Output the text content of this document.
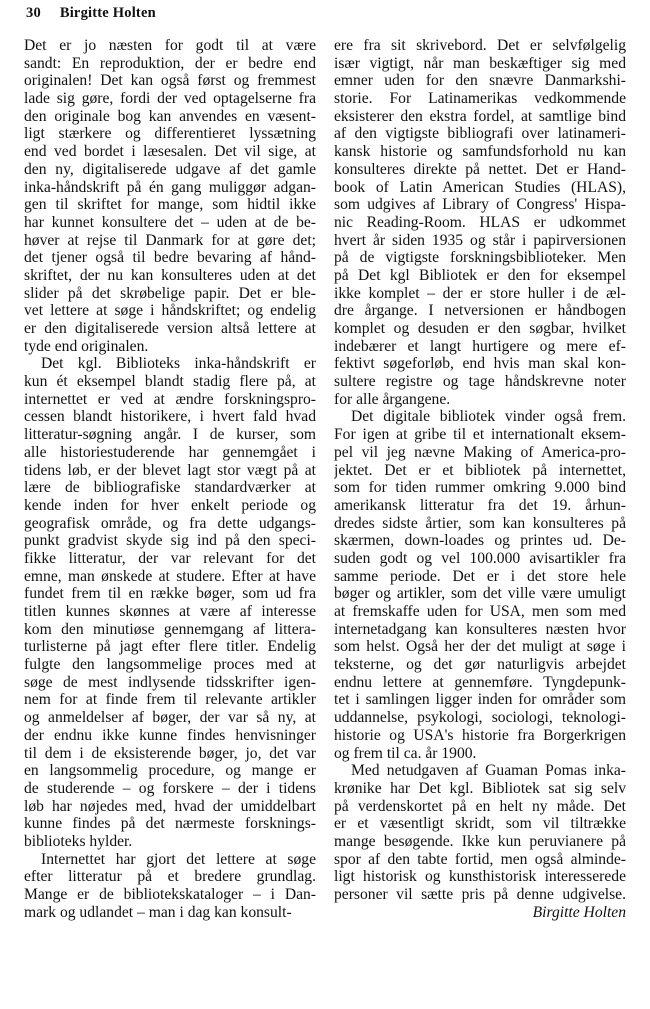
30 Birgitte Holten
Det er jo næsten for godt til at være
sandt: En reproduktion, der er bedre end
originalen! Det kan også først og fremmest
lade sig gøre, fordi der ved optagelserne fra
den originale bog kan anvendes en væsent-
ligt stærkere og differentieret lyssætning
end ved bordet i læsesalen. Det vil sige, at
den ny, digitaliserede udgave af det gamle
inka-håndskrift på én gang muliggør adgan-
gen til skriftet for mange, som hidtil ikke
har kunnet konsultere det – uden at de be-
høver at rejse til Danmark for at gøre det;
det tjener også til bedre bevaring af hånd-
skriftet, der nu kan konsulteres uden at det
slider på det skrøbelige papir. Det er ble-
vet lettere at søge i håndskriftet; og endelig
er den digitaliserede version altså lettere at
tyde end originalen.
Det kgl. Biblioteks inka-håndskrift er
kun ét eksempel blandt stadig flere på, at
internettet er ved at ændre forskningspro-
cessen blandt historikere, i hvert fald hvad
litteratur-søgning angår. I de kurser, som
alle historiestuderende har gennemgået i
tidens løb, er der blevet lagt stor vægt på at
lære de bibliografiske standardværker at
kende inden for hver enkelt periode og
geografisk område, og fra dette udgangs-
punkt gradvist skyde sig ind på den speci-
fikke litteratur, der var relevant for det
emne, man ønskede at studere. Efter at have
fundet frem til en række bøger, som ud fra
titlen kunnes skønnes at være af interesse
kom den minutiøse gennemgang af littera-
turlisterne på jagt efter flere titler. Endelig
fulgte den langsommelige proces med at
søge de mest indlysende tidsskrifter igen-
nem for at finde frem til relevante artikler
og anmeldelser af bøger, der var så ny, at
der endnu ikke kunne findes henvisninger
til dem i de eksisterende bøger, jo, det var
en langsommelig procedure, og mange er
de studerende – og forskere – der i tidens
løb har nøjedes med, hvad der umiddelbart
kunne findes på det nærmeste forsknings-
biblioteks hylder.
Internettet har gjort det lettere at søge
efter litteratur på et bredere grundlag.
Mange er de bibliotekskataloger – i Dan-
mark og udlandet – man i dag kan konsult-
ere fra sit skrivebord. Det er selvfølgelig
især vigtigt, når man beskæftiger sig med
emner uden for den snævre Danmarkshi-
storie. For Latinamerikas vedkommende
eksisterer den ekstra fordel, at samtlige bind
af den vigtigste bibliografi over latinameri-
kansk historie og samfundsforhold nu kan
konsulteres direkte på nettet. Det er Hand-
book of Latin American Studies (HLAS),
som udgives af Library of Congress' Hispa-
nic Reading-Room. HLAS er udkommet
hvert år siden 1935 og står i papirversionen
på de vigtigste forskningsbiblioteker. Men
på Det kgl Bibliotek er den for eksempel
ikke komplet – der er store huller i de æl-
dre årgange. I netversionen er håndbogen
komplet og desuden er den søgbar, hvilket
indebærer et langt hurtigere og mere ef-
fektivt søgeforløb, end hvis man skal kon-
sultere registre og tage håndskrevne noter
for alle årgangene.
Det digitale bibliotek vinder også frem.
For igen at gribe til et internationalt eksem-
pel vil jeg nævne Making of America-pro-
jektet. Det er et bibliotek på internettet,
som for tiden rummer omkring 9.000 bind
amerikansk litteratur fra det 19. århun-
dredes sidste årtier, som kan konsulteres på
skærmen, down-loades og printes ud. De-
suden godt og vel 100.000 avisartikler fra
samme periode. Det er i det store hele
bøger og artikler, som det ville være umuligt
at fremskaffe uden for USA, men som med
internetadgang kan konsulteres næsten hvor
som helst. Også her der det muligt at søge i
teksterne, og det gør naturligvis arbejdet
endnu lettere at gennemføre. Tyngdepunk-
tet i samlingen ligger inden for områder som
uddannelse, psykologi, sociologi, teknologi-
historie og USA's historie fra Borgerkrigen
og frem til ca. år 1900.
Med netudgaven af Guaman Pomas inka-
krønike har Det kgl. Bibliotek sat sig selv
på verdenskortet på en helt ny måde. Det
er et væsentligt skridt, som vil tiltrække
mange besøgende. Ikke kun peruvianere på
spor af den tabte fortid, men også alminde-
ligt historisk og kunsthistorisk interesserede
personer vil sætte pris på denne udgivelse.
Birgitte Holten
